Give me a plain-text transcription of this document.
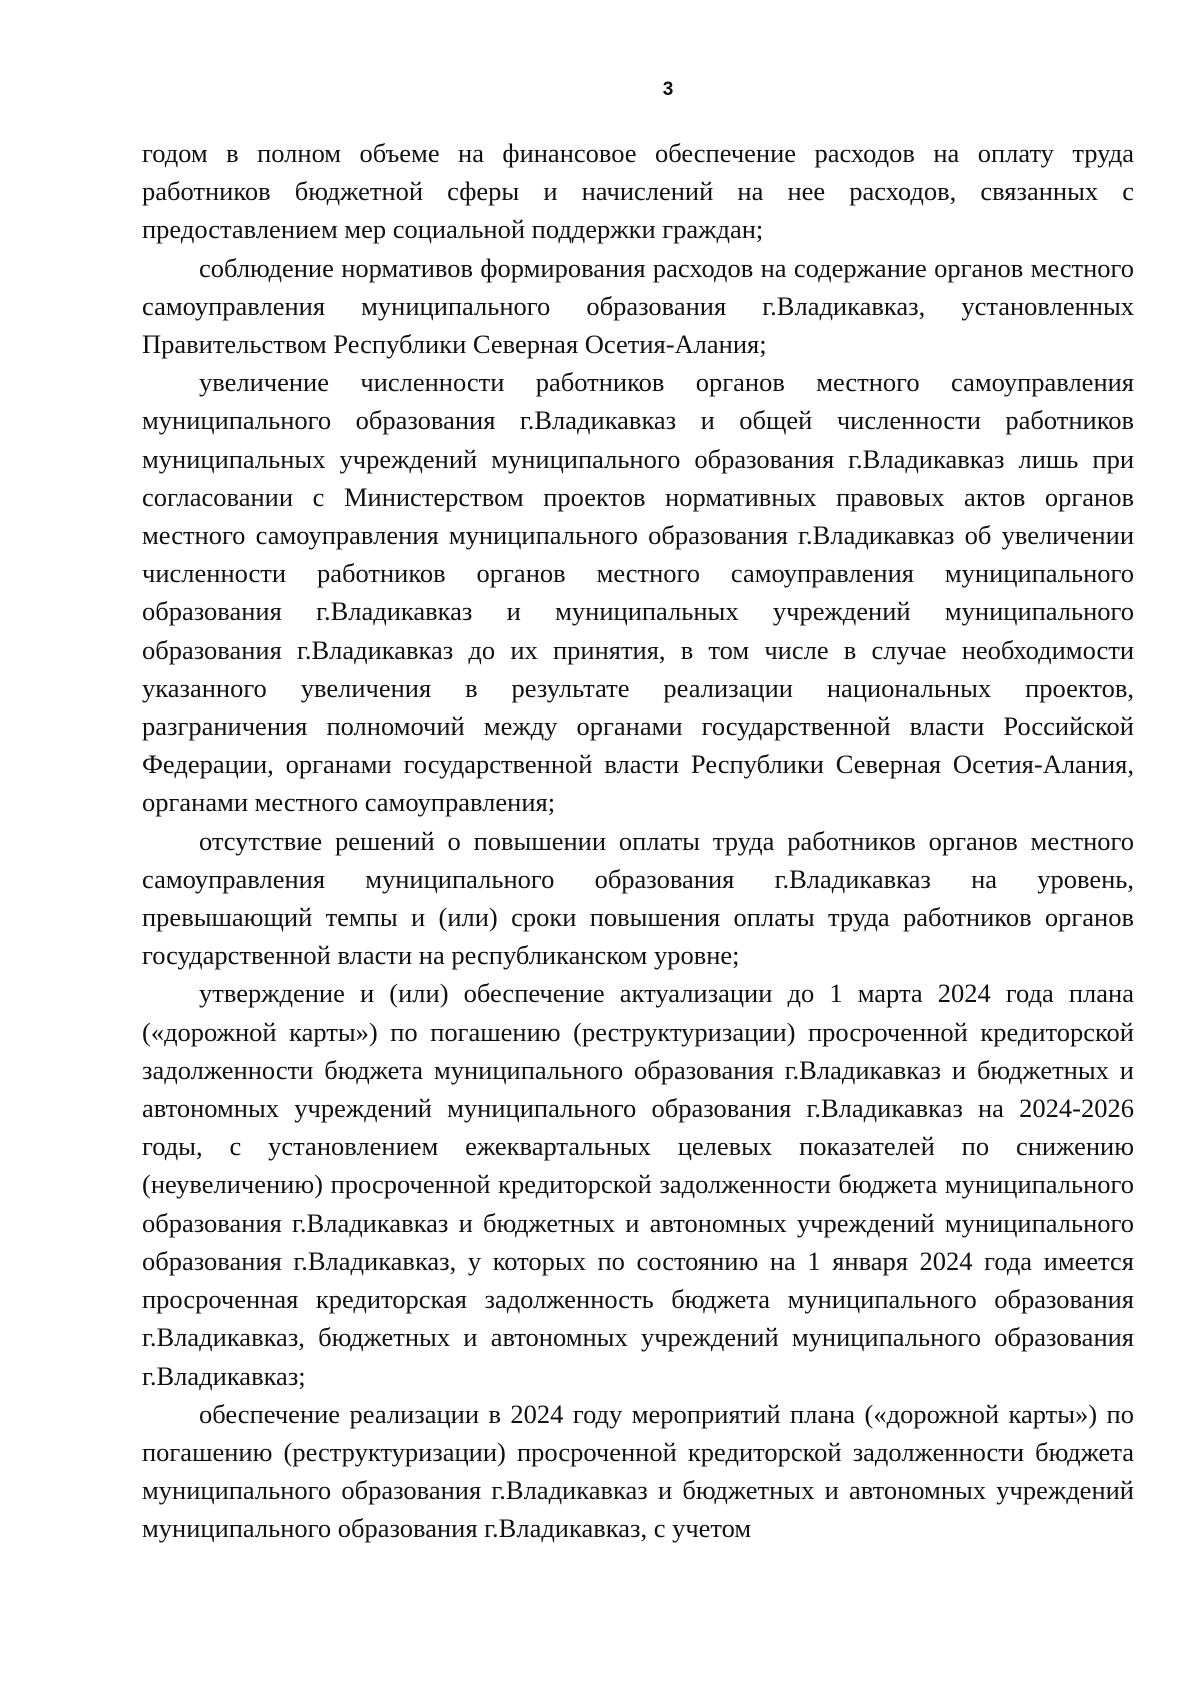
3

годом в полном объеме на финансовое обеспечение расходов на оплату труда работников бюджетной сферы и начислений на нее расходов, связанных с предоставлением мер социальной поддержки граждан;

соблюдение нормативов формирования расходов на содержание органов местного самоуправления муниципального образования г.Владикавказ, установленных Правительством Республики Северная Осетия-Алания;

увеличение численности работников органов местного самоуправления муниципального образования г.Владикавказ и общей численности работников муниципальных учреждений муниципального образования г.Владикавказ лишь при согласовании с Министерством проектов нормативных правовых актов органов местного самоуправления муниципального образования г.Владикавказ об увеличении численности работников органов местного самоуправления муниципального образования г.Владикавказ и муниципальных учреждений муниципального образования г.Владикавказ до их принятия, в том числе в случае необходимости указанного увеличения в результате реализации национальных проектов, разграничения полномочий между органами государственной власти Российской Федерации, органами государственной власти Республики Северная Осетия-Алания, органами местного самоуправления;

отсутствие решений о повышении оплаты труда работников органов местного самоуправления муниципального образования г.Владикавказ на уровень, превышающий темпы и (или) сроки повышения оплаты труда работников органов государственной власти на республиканском уровне;

утверждение и (или) обеспечение актуализации до 1 марта 2024 года плана («дорожной карты») по погашению (реструктуризации) просроченной кредиторской задолженности бюджета муниципального образования г.Владикавказ и бюджетных и автономных учреждений муниципального образования г.Владикавказ на 2024-2026 годы, с установлением ежеквартальных целевых показателей по снижению (неувеличению) просроченной кредиторской задолженности бюджета муниципального образования г.Владикавказ и бюджетных и автономных учреждений муниципального образования г.Владикавказ, у которых по состоянию на 1 января 2024 года имеется просроченная кредиторская задолженность бюджета муниципального образования г.Владикавказ, бюджетных и автономных учреждений муниципального образования г.Владикавказ;

обеспечение реализации в 2024 году мероприятий плана («дорожной карты») по погашению (реструктуризации) просроченной кредиторской задолженности бюджета муниципального образования г.Владикавказ и бюджетных и автономных учреждений муниципального образования г.Владикавказ, с учетом
